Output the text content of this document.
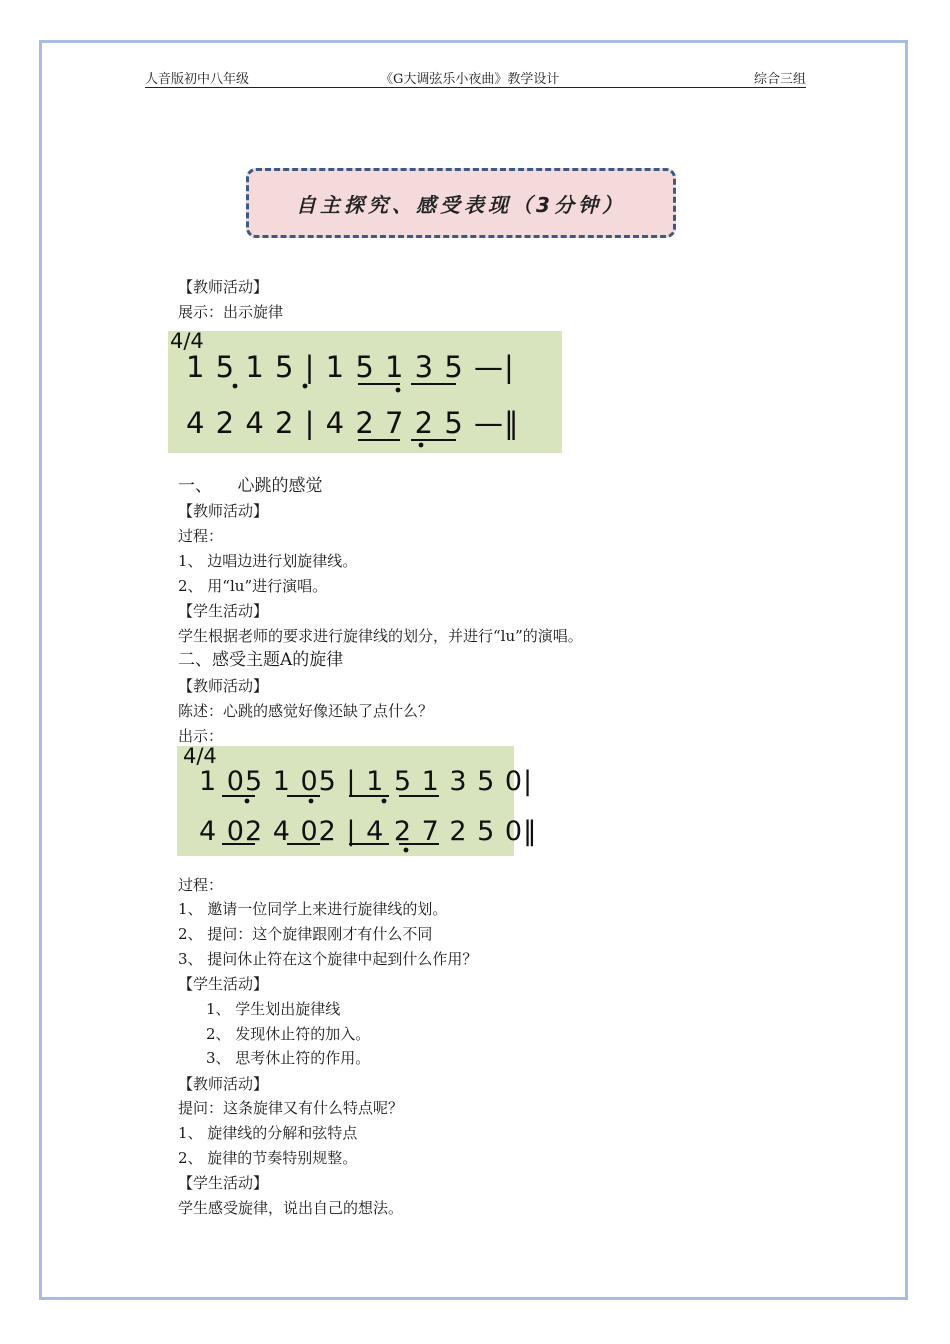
人音版初中八年级	《G大调弦乐小夜曲》教学设计	综合三组
自主探究、感受表现（3分钟）
【教师活动】
展示：出示旋律
4/4
1 5 1 5 | 1 5 1 3 5 —|
4 2 4 2 | 4 2 7 2 5 —‖
一、　　心跳的感觉
【教师活动】
过程：
1、 边唱边进行划旋律线。
2、 用“lu”进行演唱。
【学生活动】
学生根据老师的要求进行旋律线的划分，并进行“lu”的演唱。
二、感受主题A的旋律
【教师活动】
陈述：心跳的感觉好像还缺了点什么？
出示：
4/4
1 05 1 05 | 1 5 1 3 5 0|
4 02 4 02 | 4 2 7 2 5 0‖
过程：
1、 邀请一位同学上来进行旋律线的划。
2、 提问：这个旋律跟刚才有什么不同
3、 提问休止符在这个旋律中起到什么作用？
【学生活动】
1、 学生划出旋律线
2、 发现休止符的加入。
3、 思考休止符的作用。
【教师活动】
提问：这条旋律又有什么特点呢？
1、 旋律线的分解和弦特点
2、 旋律的节奏特别规整。
【学生活动】
学生感受旋律，说出自己的想法。
